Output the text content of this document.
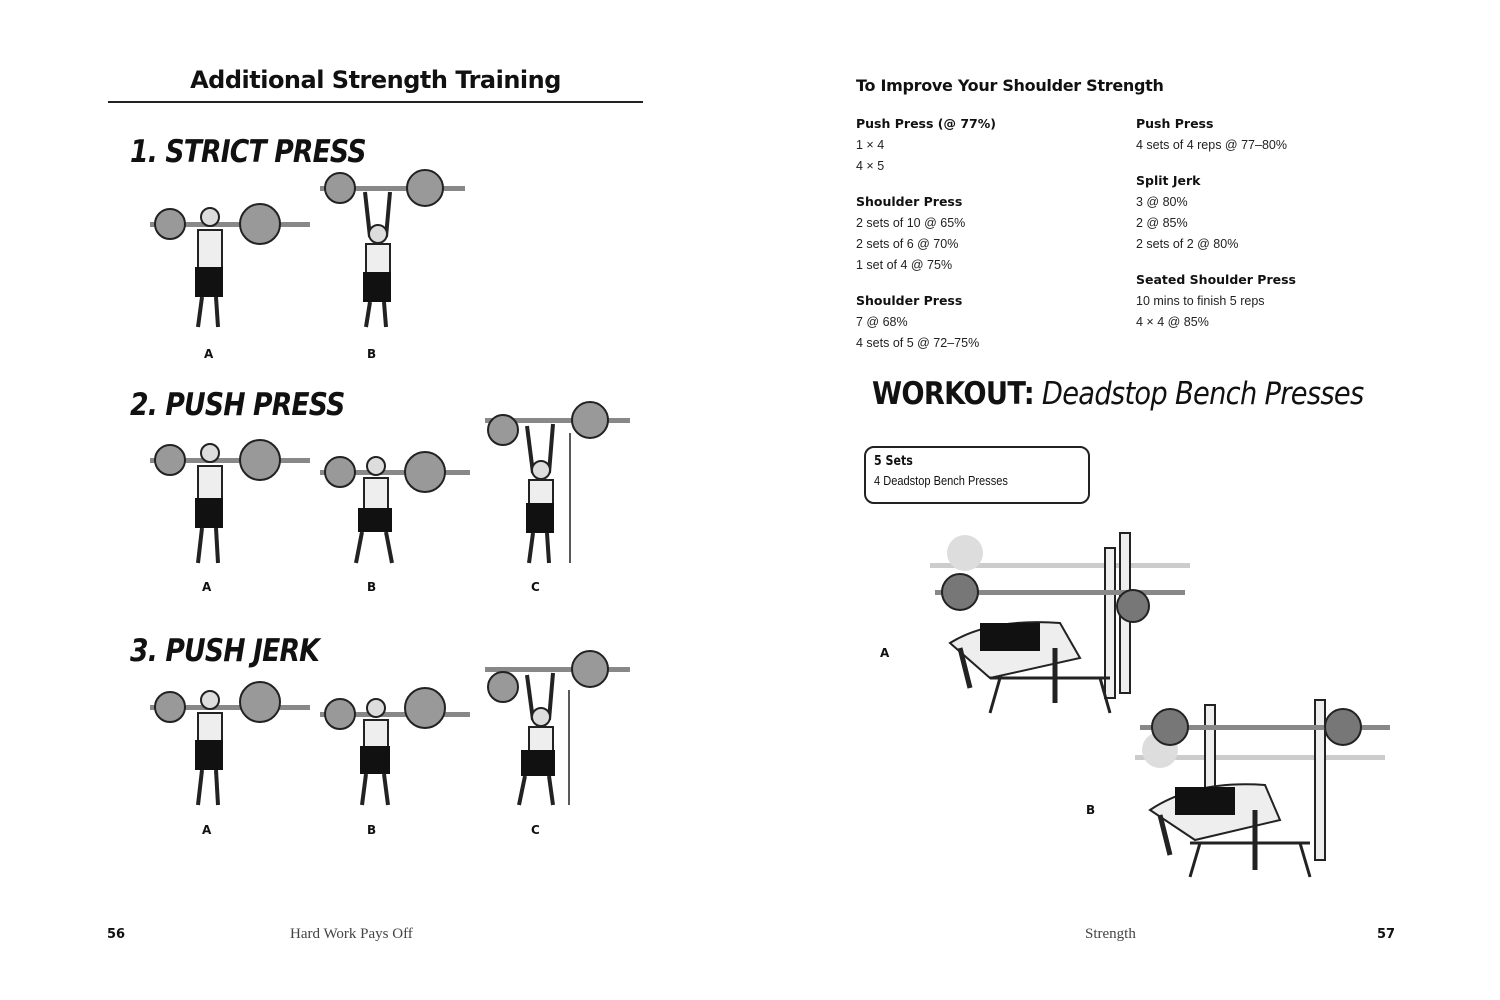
Additional Strength Training
1. STRICT PRESS
A	B
2. PUSH PRESS
A	B	C
3. PUSH JERK
A	B	C
56	Hard Work Pays Off
To Improve Your Shoulder Strength
Push Press (@ 77%)
1 × 4
4 × 5
Shoulder Press
2 sets of 10 @ 65%
2 sets of 6 @ 70%
1 set of 4 @ 75%
Shoulder Press
7 @ 68%
4 sets of 5 @ 72–75%
Push Press
4 sets of 4 reps @ 77–80%
Split Jerk
3 @ 80%
2 @ 85%
2 sets of 2 @ 80%
Seated Shoulder Press
10 mins to finish 5 reps
4 × 4 @ 85%
WORKOUT: Deadstop Bench Presses
5 Sets
4 Deadstop Bench Presses
A
B
Strength	57
